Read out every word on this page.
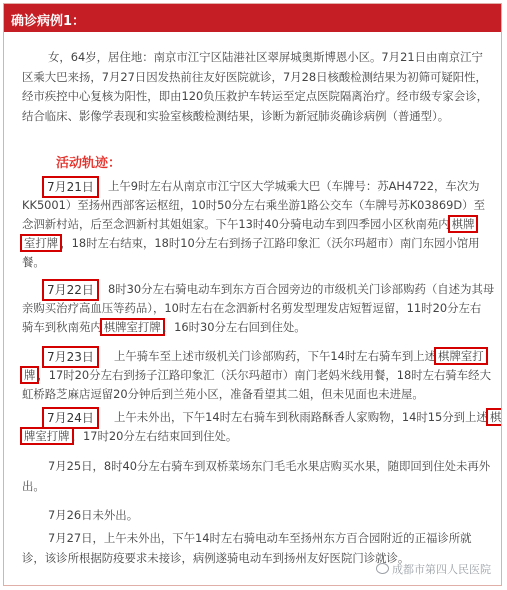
确诊病例1：
女，64岁，居住地：南京市江宁区陆港社区翠屏城奥斯博恩小区。7月21日由南京江宁区乘大巴来扬，7月27日因发热前往友好医院就诊，7月28日核酸检测结果为初筛可疑阳性，经市疾控中心复核为阳性，即由120负压救护车转运至定点医院隔离治疗。经市级专家会诊，结合临床、影像学表现和实验室核酸检测结果，诊断为新冠肺炎确诊病例（普通型）。
活动轨迹：
7月21日	上午9时左右从南京市江宁区大学城乘大巴（车牌号：苏AH4722，车次为
KK5001）至扬州西部客运枢纽，10时50分左右乘坐游1路公交车（车牌号苏K03869D）至
念泗新村站，后至念泗新村其姐姐家。下午13时40分骑电动车到四季园小区秋南苑内 棋牌
室打牌 ，18时左右结束，18时10分左右到扬子江路印象汇（沃尔玛超市）南门东园小馆用
餐。
7月22日	8时30分左右骑电动车到东方百合园旁边的市级机关门诊部购药（自述为其母
亲购买治疗高血压等药品），10时左右在念泗新村名剪发型理发店短暂逗留，11时20分左右
骑车到秋南苑内 棋牌室打牌 ，16时30分左右回到住处。
7月23日	上午骑车至上述市级机关门诊部购药，下午14时左右骑车到上述 棋牌室打
牌 ，17时20分左右到扬子江路印象汇（沃尔玛超市）南门老妈米线用餐，18时左右骑车经大
虹桥路芝麻店逗留20分钟后到兰苑小区，准备看望其二姐，但未见面也未进屋。
7月24日	上午未外出，下午14时左右骑车到秋雨路酥香人家购物，14时15分到上述 棋
牌室打牌 ，17时20分左右结束回到住处。
7月25日，8时40分左右骑车到双桥菜场东门毛毛水果店购买水果，随即回到住处未再外出。
7月26日未外出。
7月27日，上午未外出，下午14时左右骑电动车至扬州东方百合园附近的正福诊所就诊，该诊所根据防疫要求未接诊，病例遂骑电动车到扬州友好医院门诊就诊。
成都市第四人民医院
